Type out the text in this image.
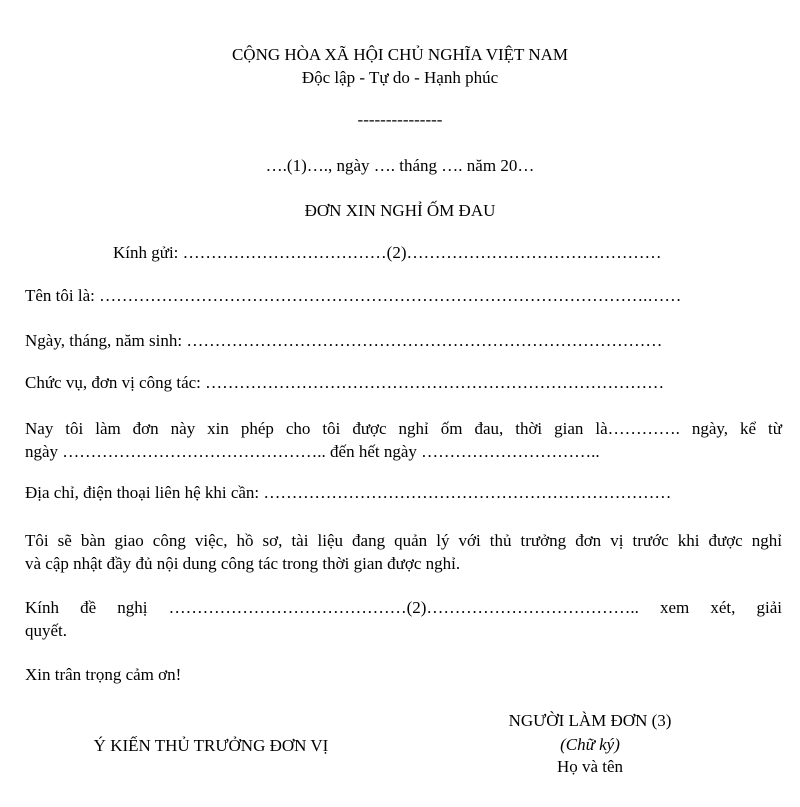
CỘNG HÒA XÃ HỘI CHỦ NGHĨA VIỆT NAM
Độc lập - Tự do - Hạnh phúc
---------------
….(1)…., ngày …. tháng …. năm 20…
ĐƠN XIN NGHỈ ỐM ĐAU
Kính gửi: ………………………………(2)………………………………………
Tên tôi là: …………………………………………………………………………………….……
Ngày, tháng, năm sinh: …………………………………………………………………………
Chức vụ, đơn vị công tác: ………………………………………………………………………
Nay tôi làm đơn này xin phép cho tôi được nghỉ ốm đau, thời gian là…………. ngày, kể từ
ngày ……………………………………….. đến hết ngày …………………………..
Địa chỉ, điện thoại liên hệ khi cần: ………………………………………………………………
Tôi sẽ bàn giao công việc, hồ sơ, tài liệu đang quản lý với thủ trưởng đơn vị trước khi được nghỉ
và cập nhật đầy đủ nội dung công tác trong thời gian được nghỉ.
Kính đề nghị ……………………………………(2)……………………………….. xem xét, giải
quyết.
Xin trân trọng cảm ơn!
NGƯỜI LÀM ĐƠN (3)
(Chữ ký)
Họ và tên
Ý KIẾN THỦ TRƯỞNG ĐƠN VỊ
